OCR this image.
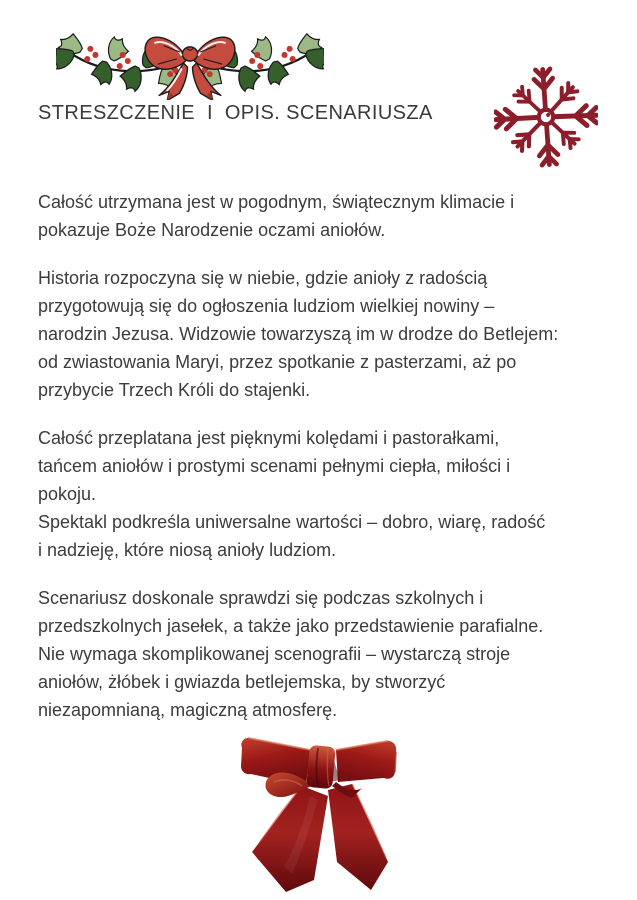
STRESZCZENIE  I  OPIS. SCENARIUSZA

Całość utrzymana jest w pogodnym, świątecznym klimacie i
pokazuje Boże Narodzenie oczami aniołów.

Historia rozpoczyna się w niebie, gdzie anioły z radością
przygotowują się do ogłoszenia ludziom wielkiej nowiny –
narodzin Jezusa. Widzowie towarzyszą im w drodze do Betlejem:
od zwiastowania Maryi, przez spotkanie z pasterzami, aż po
przybycie Trzech Króli do stajenki.

Całość przeplatana jest pięknymi kolędami i pastorałkami,
tańcem aniołów i prostymi scenami pełnymi ciepła, miłości i
pokoju.
Spektakl podkreśla uniwersalne wartości – dobro, wiarę, radość
i nadzieję, które niosą anioły ludziom.

Scenariusz doskonale sprawdzi się podczas szkolnych i
przedszkolnych jasełek, a także jako przedstawienie parafialne.
Nie wymaga skomplikowanej scenografii – wystarczą stroje
aniołów, żłóbek i gwiazda betlejemska, by stworzyć
niezapomnianą, magiczną atmosferę.
